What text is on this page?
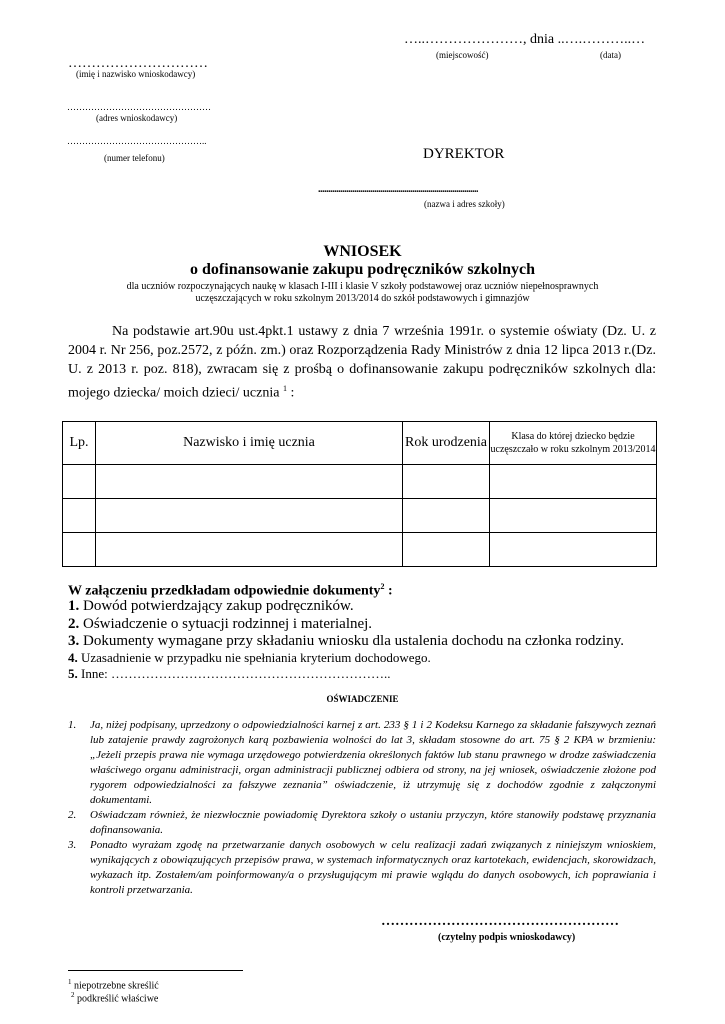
…..…………………, dnia ..….………..…
(miejscowość)	(data)
…………………………
(imię i nazwisko wnioskodawcy)
…………………………………………
(adres wnioskodawcy)
………………………………………..
(numer telefonu)	DYREKTOR
................................................................................
(nazwa i adres szkoły)
WNIOSEK
o dofinansowanie zakupu podręczników szkolnych
dla uczniów rozpoczynających naukę w klasach I-III i klasie V szkoły podstawowej oraz uczniów niepełnosprawnych
uczęszczających w roku szkolnym 2013/2014 do szkół podstawowych i gimnazjów
Na podstawie art.90u ust.4pkt.1 ustawy z dnia 7 września 1991r. o systemie oświaty (Dz. U. z 2004 r. Nr 256, poz.2572, z późn. zm.) oraz Rozporządzenia Rady Ministrów z dnia 12 lipca 2013 r.(Dz. U. z 2013 r. poz. 818), zwracam się z prośbą o dofinansowanie zakupu podręczników szkolnych dla: mojego dziecka/ moich dzieci/ ucznia $^1$ :
Lp.	Nazwisko i imię ucznia	Rok urodzenia	Klasa do której dziecko będzie uczęszczało w roku szkolnym 2013/2014

W załączeniu przedkładam odpowiednie dokumenty$^2$ :
1. Dowód potwierdzający zakup podręczników.
2. Oświadczenie o sytuacji rodzinnej i materialnej.
3. Dokumenty wymagane przy składaniu wniosku dla ustalenia dochodu na członka rodziny.
4. Uzasadnienie w przypadku nie spełniania kryterium dochodowego.
5. Inne: ………………………………………………………..
OŚWIADCZENIE
1. Ja, niżej podpisany, uprzedzony o odpowiedzialności karnej z art. 233 § 1 i 2 Kodeksu Karnego za składanie fałszywych zeznań lub zatajenie prawdy zagrożonych karą pozbawienia wolności do lat 3, składam stosowne do art. 75 § 2 KPA w brzmieniu: „Jeżeli przepis prawa nie wymaga urzędowego potwierdzenia określonych faktów lub stanu prawnego w drodze zaświadczenia właściwego organu administracji, organ administracji publicznej odbiera od strony, na jej wniosek, oświadczenie złożone pod rygorem odpowiedzialności za fałszywe zeznania” oświadczenie, iż utrzymuję się z dochodów zgodnie z załączonymi dokumentami.
2. Oświadczam również, że niezwłocznie powiadomię Dyrektora szkoły o ustaniu przyczyn, które stanowiły podstawę przyznania dofinansowania.
3. Ponadto wyrażam zgodę na przetwarzanie danych osobowych w celu realizacji zadań związanych z niniejszym wnioskiem, wynikających z obowiązujących przepisów prawa, w systemach informatycznych oraz kartotekach, ewidencjach, skorowidzach, wykazach itp. Zostałem/am poinformowany/a o przysługującym mi prawie wglądu do danych osobowych, ich poprawiania i kontroli przetwarzania.
……………………………………………
(czytelny podpis wnioskodawcy)
$^1$ niepotrzebne skreślić
$^2$ podkreślić właściwe
